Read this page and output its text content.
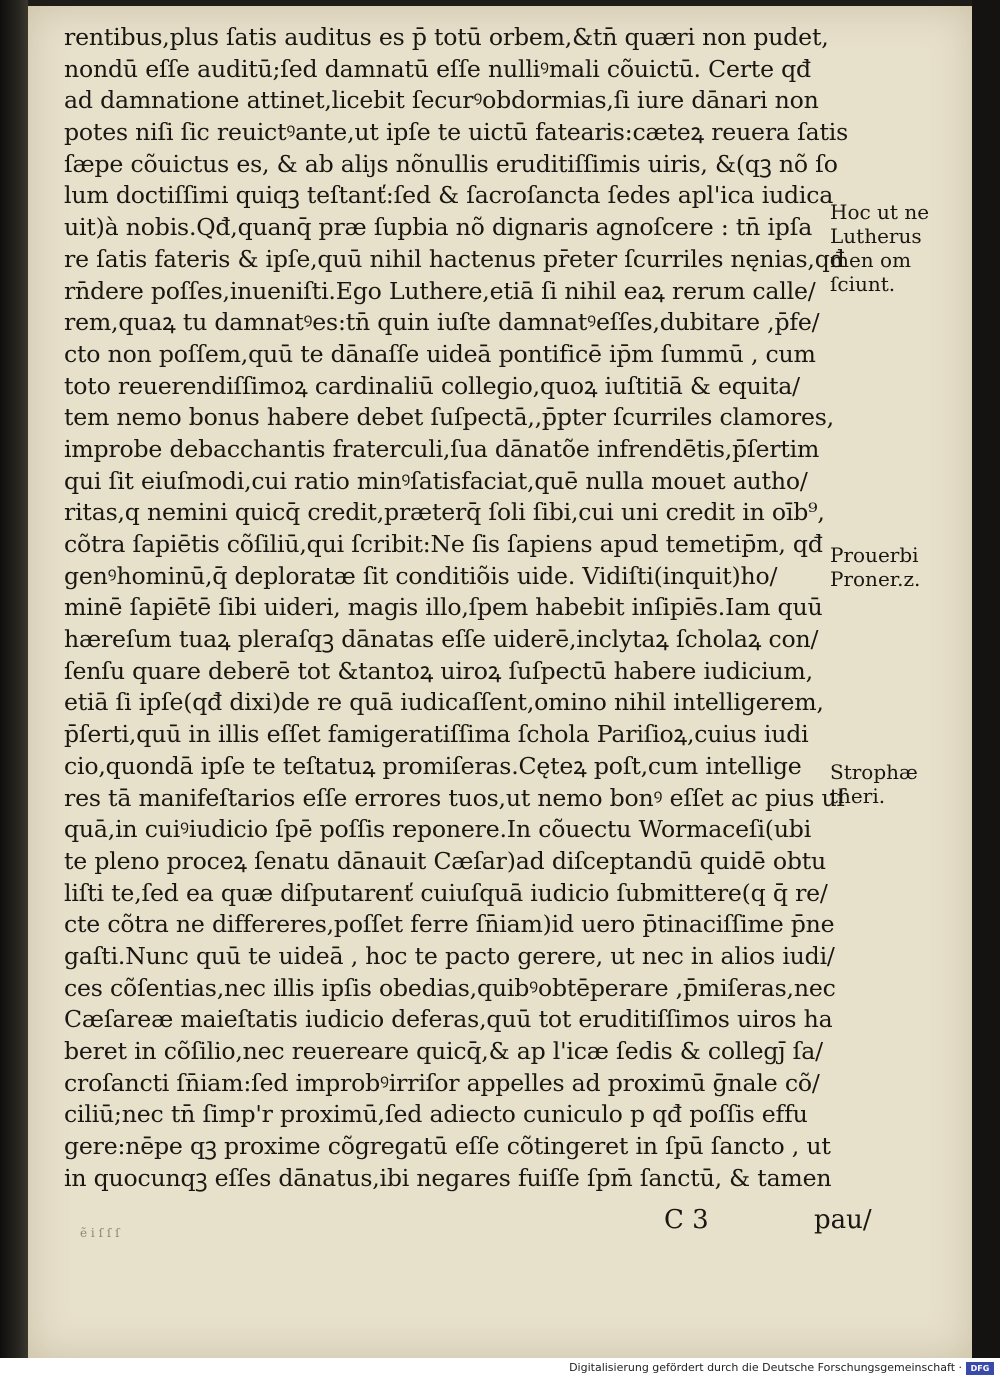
rentibus,plus ſatis auditus es p̄ totū orbem,&tn̄ quæri non pudet,
nondū eſſe auditū;ſed damnatū eſſe nulliꝰmali cõuictū. Certe qđ
ad damnatione attinet,licebit ſecurꝰobdormias,ſi iure dānari non
potes niſi ſic reuictꝰante,ut ipſe te uictū fatearis:cæteꝝ reuera ſatis
ſæpe cõuictus es, & ab aliȷs nõnullis eruditiſſimis uiris, &(qꝫ nõ ſo
lum doctiſſimi quiqꝫ teſtanť:ſed & ſacroſancta ſedes apl'ica iudica
uit)à nobis.Qđ,quanq̄ præ ſupbia nõ dignaris agnoſcere : tn̄ ipſa
re ſatis fateris & ipſe,quū nihil hactenus pr̄eter ſcurriles nęnias,qđ
rn̄dere poſſes,inueniſti.Ego Luthere,etiā ſi nihil eaꝝ rerum calle/
rem,quaꝝ tu damnatꝰes:tn̄ quin iuſte damnatꝰeſſes,dubitare ,p̄fe/
cto non poſſem,quū te dānaſſe uideā pontificē ip̄m ſummū , cum
toto reuerendiſſimoꝝ cardinaliū collegio,quoꝝ iuſtitiā & equita/
tem nemo bonus habere debet ſuſpectā,,p̄pter ſcurriles clamores,
improbe debacchantis fraterculi,ſua dānatõe infrendētis,p̄ſertim
qui ſit eiuſmodi,cui ratio minꝰſatisfaciat,quē nulla mouet autho/
ritas,q nemini quicq̄ credit,præterq̄ ſoli ſibi,cui uni credit in oīb⁹,
cõtra ſapiētis cõſiliū,qui ſcribit:Ne ſis ſapiens apud temetip̄m, qđ
genꝰhominū,q̄ deploratæ ſit conditiõis uide. Vidiſti(inquit)ho/
minē ſapiētē ſibi uideri, magis illo,ſpem habebit inſipiēs.Iam quū
hæreſum tuaꝝ pleraſqꝫ dānatas eſſe uiderē,inclytaꝝ ſcholaꝝ con/
ſenſu quare deberē tot &tantoꝝ uiroꝝ ſuſpectū habere iudicium,
etiā ſi ipſe(qđ dixi)de re quā iudicaſſent,omino nihil intelligerem,
p̄ſerti,quū in illis eſſet famigeratiſſima ſchola Pariſioꝝ,cuius iudi
cio,quondā ipſe te teſtatuꝝ promiſeras.Cęteꝝ poſt,cum intellige
res tā manifeſtarios eſſe errores tuos,ut nemo bonꝰ eſſet ac pius uſ
quā,in cuiꝰiudicio ſpē poſſis reponere.In cõuectu Wormaceſi(ubi
te pleno proceꝝ ſenatu dānauit Cæſar)ad diſceptandū quidē obtu
liſti te,ſed ea quæ diſputarenť cuiuſquā iudicio ſubmittere(q q̄ re/
cte cõtra ne differeres,poſſet ferre ſn̄iam)id uero p̄tinaciſſime p̄ne
gaſti.Nunc quū te uideā , hoc te pacto gerere, ut nec in alios iudi/
ces cõſentias,nec illis ipſis obedias,quibꝰobtēperare ,p̄miſeras,nec
Cæſareæ maieſtatis iudicio deferas,quū tot eruditiſſimos uiros ha
beret in cõſilio,nec reuereare quicq̄,& ap l'icæ ſedis & collegȷ̄ ſa/
croſancti ſn̄iam:ſed improbꝰirriſor appelles ad proximū ḡnale cõ/
ciliū;nec tn̄ ſimp'r proximū,ſed adiecto cuniculo p qđ poſſis effu
gere:nēpe qꝫ proxime cõgregatū eſſe cõtingeret in ſpū ſancto , ut
in quocunqꝫ eſſes dānatus,ibi negares fuiſſe ſpm̄ ſanctū, & tamen
Hoc ut ne
Lutherus
men om
ſciunt.
Prouerbi
Proner.z.
Strophæ
theri.
ẽ i ſ ſ ſ	C 3	pau/
Digitalisierung gefördert durch die Deutsche Forschungsgemeinschaft ·	DFG
